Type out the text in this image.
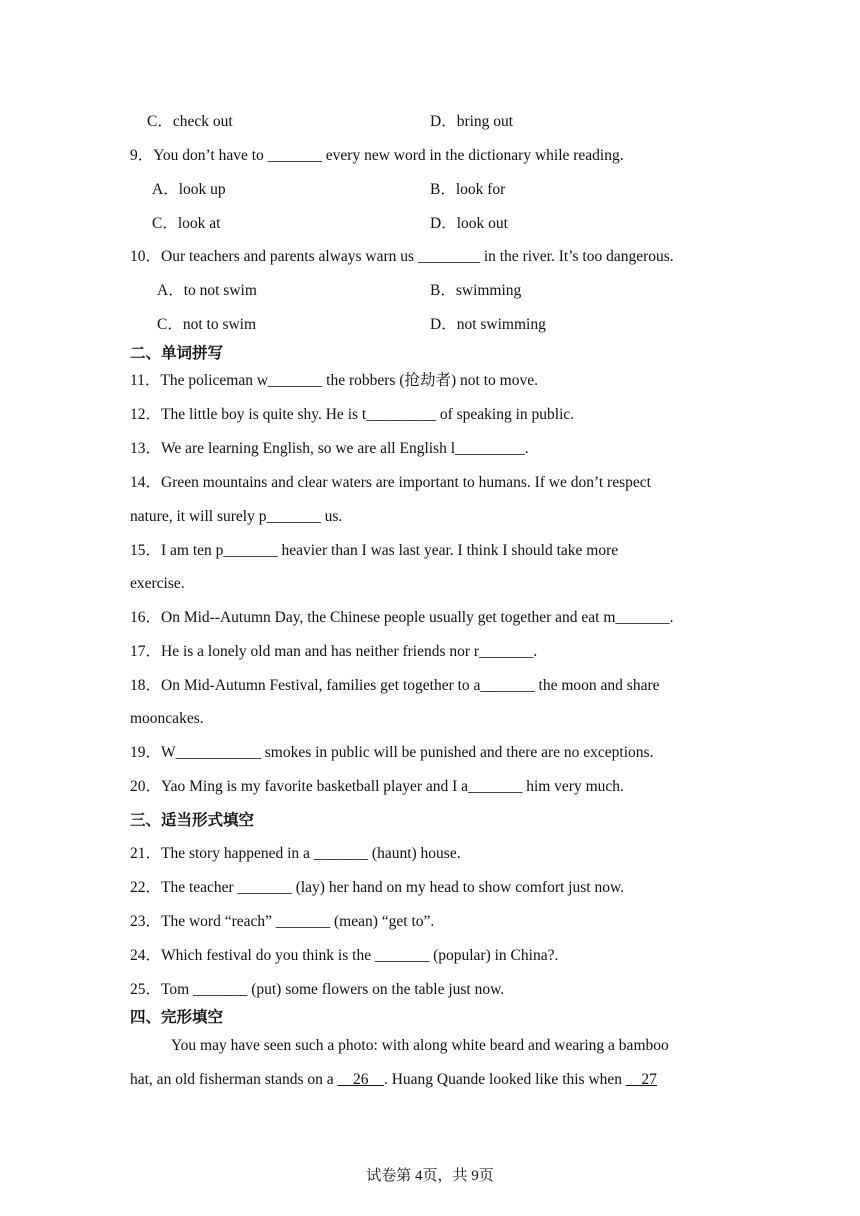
C．check out	D．bring out
9．You don’t have to _______ every new word in the dictionary while reading.
A．look up	B．look for
C．look at	D．look out
10．Our teachers and parents always warn us ________ in the river. It’s too dangerous.
A．to not swim	B．swimming
C．not to swim	D．not swimming
二、单词拼写
11．The policeman w_______ the robbers (抢劫者) not to move.
12．The little boy is quite shy. He is t_________ of speaking in public.
13．We are learning English, so we are all English l_________.
14．Green mountains and clear waters are important to humans. If we don’t respect
nature, it will surely p_______ us.
15．I am ten p_______ heavier than I was last year. I think I should take more
exercise.
16．On Mid--Autumn Day, the Chinese people usually get together and eat m_______.
17．He is a lonely old man and has neither friends nor r_______.
18．On Mid-Autumn Festival, families get together to a_______ the moon and share
mooncakes.
19．W___________ smokes in public will be punished and there are no exceptions.
20．Yao Ming is my favorite basketball player and I a_______ him very much.
三、适当形式填空
21．The story happened in a _______ (haunt) house.
22．The teacher _______ (lay) her hand on my head to show comfort just now.
23．The word “reach” _______ (mean) “get to”.
24．Which festival do you think is the _______ (popular) in China?.
25．Tom _______ (put) some flowers on the table just now.
四、完形填空
You may have seen such a photo: with along white beard and wearing a bamboo
hat, an old fisherman stands on a __26__. Huang Quande looked like this when __27
试卷第 4页，共 9页
